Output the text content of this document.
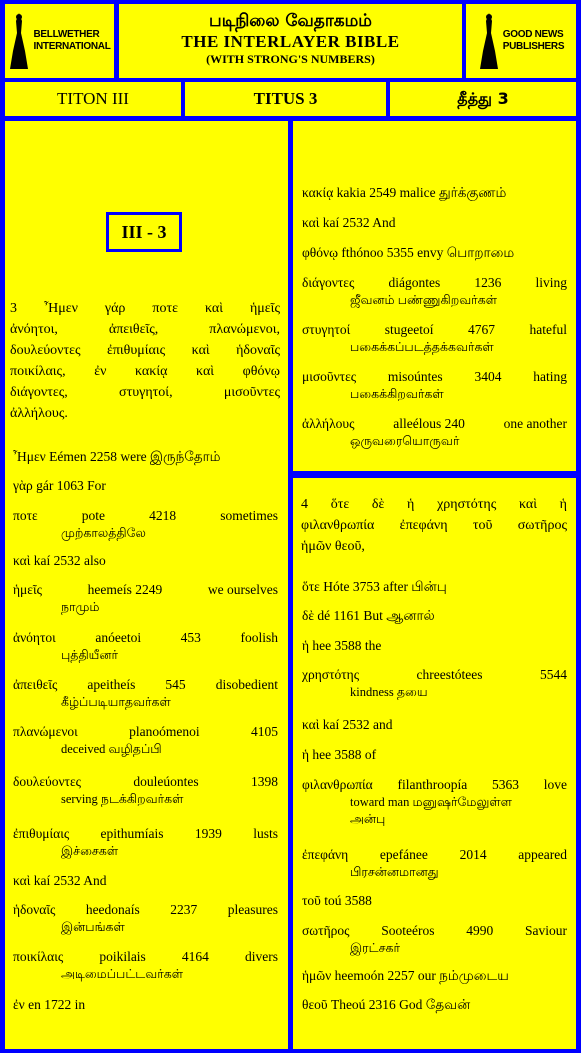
BELLWETHER
INTERNATIONAL
படிநிலை வேதாகமம்
THE INTERLAYER BIBLE
(WITH STRONG'S NUMBERS)
GOOD NEWS
PUBLISHERS
TITON III	TITUS 3	தீத்து 3
III - 3
3 Ἦμεν γάρ ποτε καὶ ἡμεῖς
ἀνόητοι, ἀπειθεῖς, πλανώμενοι,
δουλεύοντες ἐπιθυμίαις καὶ ἡδοναῖς
ποικίλαις, ἐν κακίᾳ καὶ φθόνῳ
διάγοντες, στυγητοί, μισοῦντες
ἀλλήλους.
Ἦμεν Eémen 2258 were இருந்தோம்
γὰρ gár 1063 For
ποτε	pote	4218	sometimes
முற்காலத்திலே
καὶ kaí 2532 also
ἡμεῖς	heemeís 2249	we ourselves
நாமும்
ἀνόητοι	anóeetoi	453	foolish
புத்தியீனர்
ἀπειθεῖς apeitheís 545 disobedient
கீழ்ப்படியாதவர்கள்
πλανώμενοι	planoómenoi	4105
deceived வழிதப்பி
δουλεύοντες	douleúontes	1398
serving நடக்கிறவர்கள்
ἐπιθυμίαις epithumíais 1939 lusts
இச்சைகள்
καὶ kaí 2532 And
ἡδοναῖς heedonaís 2237 pleasures
இன்பங்கள்
ποικίλαις	poikilais	4164	divers
அடிமைப்பட்டவர்கள்
ἐν en 1722 in
κακίᾳ kakia 2549 malice துர்க்குணம்
καὶ kaí 2532 And
φθόνῳ fthónoo 5355 envy பொறாமை
διάγοντες	diágontes	1236	living
ஜீவனம் பண்ணுகிறவர்கள்
στυγητοί	stugeetoí	4767	hateful
பகைக்கப்படத்தக்கவர்கள்
μισοῦντες misoúntes 3404 hating
பகைக்கிறவர்கள்
ἀλλήλους	alleélous 240	one another
ஒருவரையொருவர்
4 ὅτε δὲ ἡ χρηστότης καὶ ἡ
φιλανθρωπία ἐπεφάνη τοῦ σωτῆρος
ἡμῶν θεοῦ,
ὅτε Hóte 3753 after பின்பு
δὲ dé 1161 But ஆனால்
ἡ hee 3588 the
χρηστότης	chreestótees	5544
kindness தயை
καὶ kaí 2532 and
ἡ hee 3588 of
φιλανθρωπία filanthroopía 5363 love
toward man மனுஷர்மேலுள்ள
அன்பு
ἐπεφάνη epefánee 2014 appeared
பிரசன்னமானது
τοῦ toú 3588
σωτῆρος Sooteéros 4990 Saviour
இரட்சகர்
ἡμῶν heemoón 2257 our நம்முடைய
θεοῦ Theoú 2316 God தேவன்
